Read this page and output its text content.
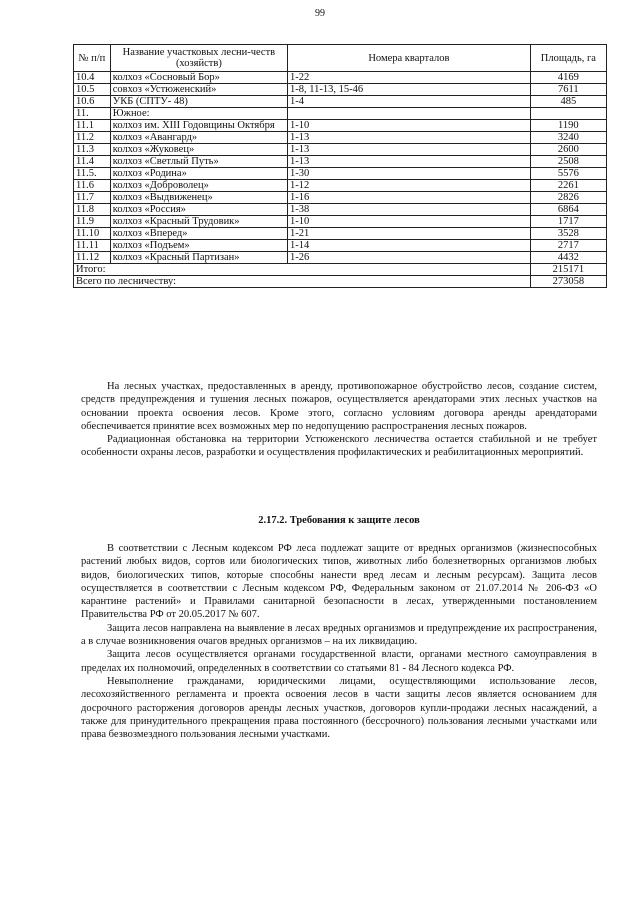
99
№ п/п	Название участковых лесни-честв (хозяйств)	Номера кварталов	Площадь, га
10.4	колхоз «Сосновый Бор»	1-22	4169
10.5	совхоз «Устюженский»	1-8, 11-13, 15-46	7611
10.6	УКБ (СПТУ- 48)	1-4	485
11.	Южное:		
11.1	колхоз им. XIII Годовщины Октября	1-10	1190
11.2	колхоз «Авангард»	1-13	3240
11.3	колхоз «Жуковец»	1-13	2600
11.4	колхоз «Светлый Путь»	1-13	2508
11.5.	колхоз «Родина»	1-30	5576
11.6	колхоз «Доброволец»	1-12	2261
11.7	колхоз «Выдвиженец»	1-16	2826
11.8	колхоз «Россия»	1-38	6864
11.9	колхоз «Красный Трудовик»	1-10	1717
11.10	колхоз «Вперед»	1-21	3528
11.11	колхоз «Подъем»	1-14	2717
11.12	колхоз «Красный Партизан»	1-26	4432
Итого:			215171
Всего по лесничеству:			273058

На лесных участках, предоставленных в аренду, противопожарное обустройство лесов, создание систем, средств предупреждения и тушения лесных пожаров, осуществляется арендаторами этих лесных участков на основании проекта освоения лесов. Кроме этого, согласно условиям договора аренды арендаторами обеспечивается принятие всех возможных мер по недопущению распространения лесных пожаров.

Радиационная обстановка на территории Устюженского лесничества остается стабильной и не требует особенности охраны лесов, разработки и осуществления профилактических и реабилитационных мероприятий.

2.17.2. Требования к защите лесов

В соответствии с Лесным кодексом РФ леса подлежат защите от вредных организмов (жизнеспособных растений любых видов, сортов или биологических типов, животных либо болезнетворных организмов любых видов, биологических типов, которые способны нанести вред лесам и лесным ресурсам). Защита лесов осуществляется в соответствии с Лесным кодексом РФ, Федеральным законом от 21.07.2014 № 206-ФЗ «О карантине растений» и Правилами санитарной безопасности в лесах, утвержденными постановлением Правительства РФ от 20.05.2017 № 607.

Защита лесов направлена на выявление в лесах вредных организмов и предупреждение их распространения, а в случае возникновения очагов вредных организмов – на их ликвидацию.

Защита лесов осуществляется органами государственной власти, органами местного самоуправления в пределах их полномочий, определенных в соответствии со статьями 81 - 84 Лесного кодекса РФ.

Невыполнение гражданами, юридическими лицами, осуществляющими использование лесов, лесохозяйственного регламента и проекта освоения лесов в части защиты лесов является основанием для досрочного расторжения договоров аренды лесных участков, договоров купли-продажи лесных насаждений, а также для принудительного прекращения права постоянного (бессрочного) пользования лесными участками или права безвозмездного пользования лесными участками.
